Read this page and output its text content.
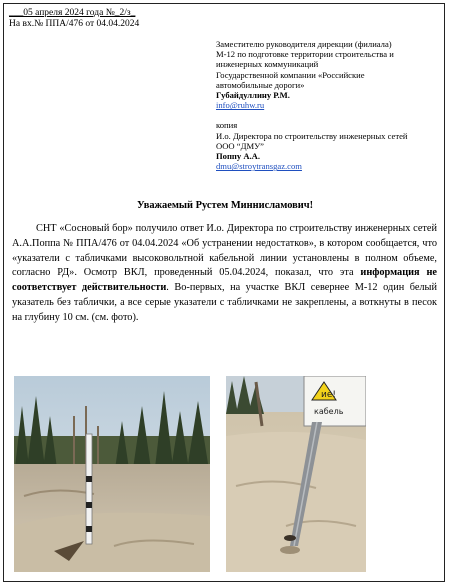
___05 апреля 2024 года №_2/з_
На вх.№ ППА/476 от 04.04.2024
Заместителю руководителя дирекции (филиала)
М-12 по подготовке территории строительства и
инженерных коммуникаций
Государственной компании «Российские
автомобильные дороги»
Губайдуллину Р.М.
info@ruhw.ru
копия
И.о. Директора по строительству инженерных сетей
ООО “ДМУ”
Поппу А.А.
dmu@stroytransgaz.com
Уважаемый Рустем Миннисламович!

СНТ «Сосновый бор» получило ответ И.о. Директора по строительству инженерных сетей А.А.Поппа № ППА/476 от 04.04.2024 «Об устранении недостатков», в котором сообщается, что «указатели с табличками высоковольтной кабельной линии установлены в полном объеме, согласно РД». Осмотр ВКЛ, проведенный 05.04.2024, показал, что эта информация не соответствует действительности. Во-первых, на участке ВКЛ севернее М-12 один белый указатель без таблички, а все серые указатели с табличками не закреплены, а воткнуты в песок на глубину 10 см. (см. фото).

ие!
кабель
